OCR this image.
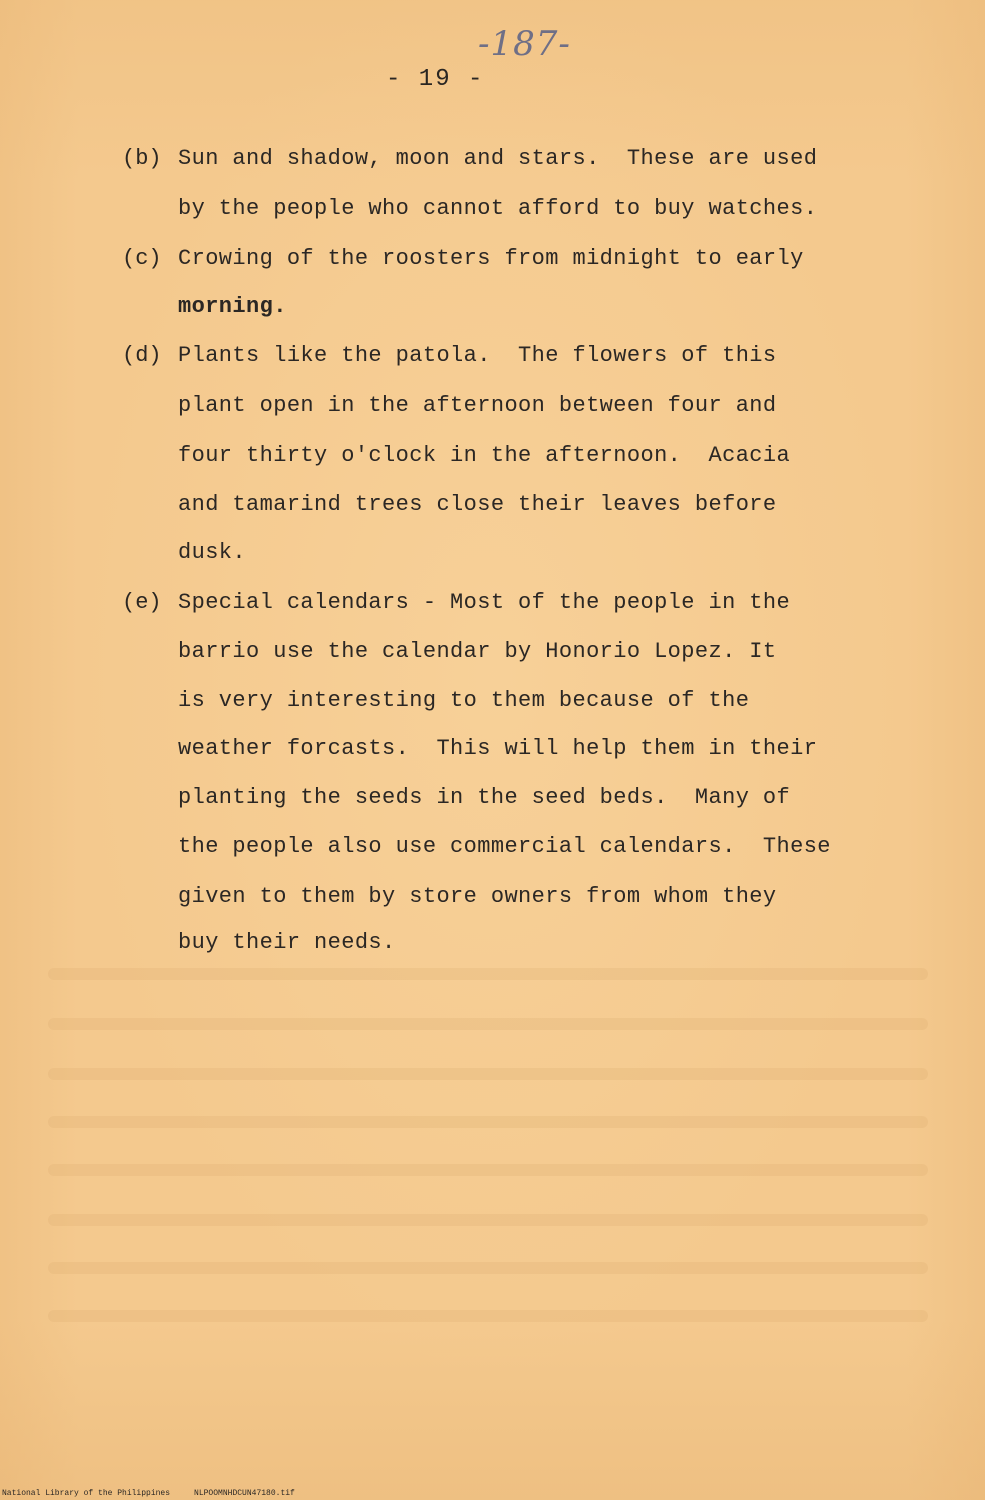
-187-
- 19 -
(b) Sun and shadow, moon and stars.  These are used
by the people who cannot afford to buy watches.
(c) Crowing of the roosters from midnight to early
morning.
(d) Plants like the patola.  The flowers of this
plant open in the afternoon between four and
four thirty o'clock in the afternoon.  Acacia
and tamarind trees close their leaves before
dusk.
(e) Special calendars - Most of the people in the
barrio use the calendar by Honorio Lopez. It
is very interesting to them because of the
weather forcasts.  This will help them in their
planting the seeds in the seed beds.  Many of
the people also use commercial calendars.  These
given to them by store owners from whom they
buy their needs.
National Library of the Philippines     NLPOOMNHDCUN47180.tif
